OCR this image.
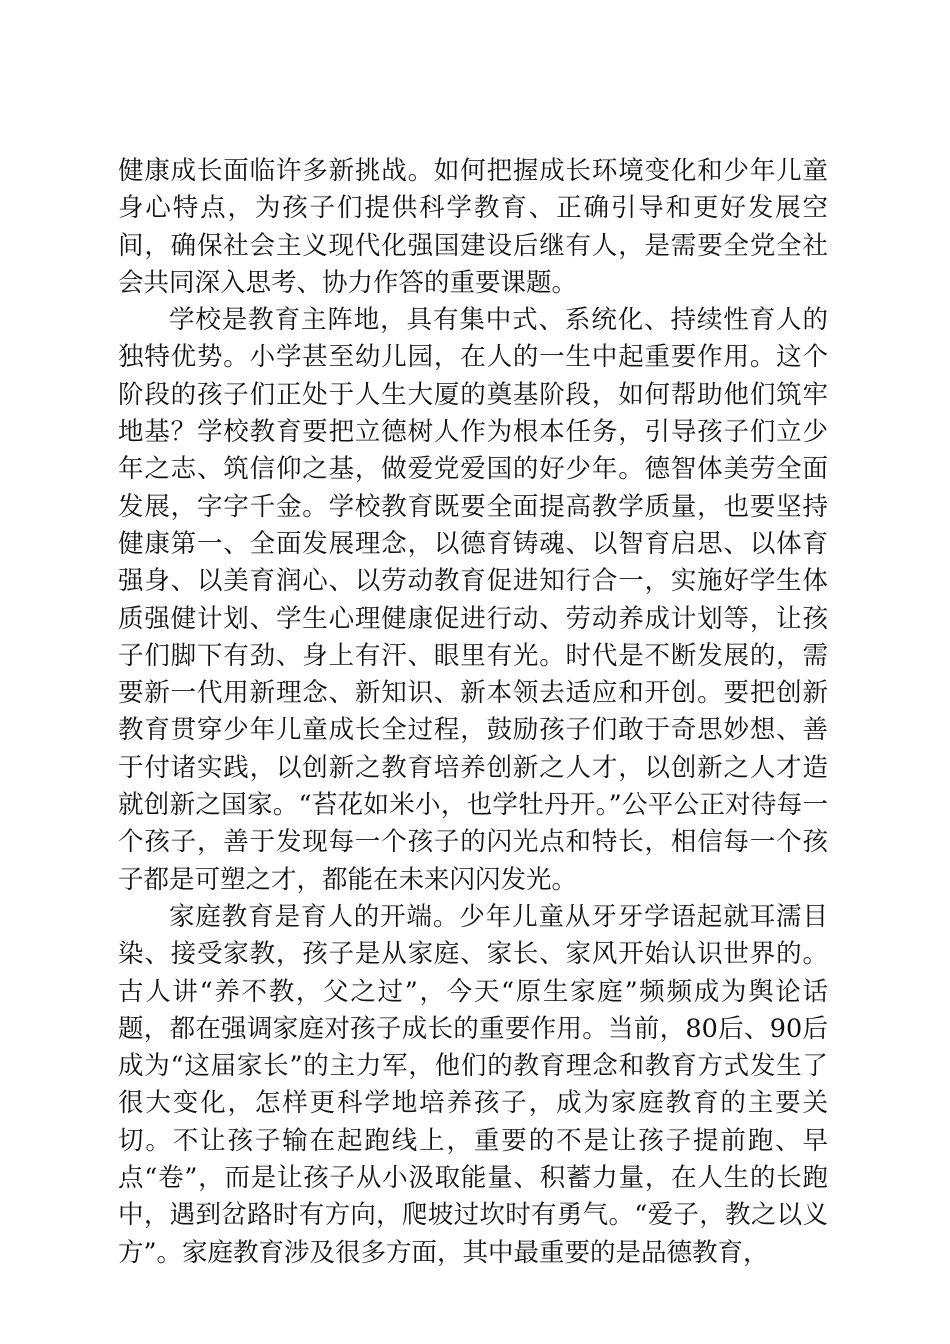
健康成长面临许多新挑战。如何把握成长环境变化和少年儿童身心特点，为孩子们提供科学教育、正确引导和更好发展空间，确保社会主义现代化强国建设后继有人，是需要全党全社会共同深入思考、协力作答的重要课题。

学校是教育主阵地，具有集中式、系统化、持续性育人的独特优势。小学甚至幼儿园，在人的一生中起重要作用。这个阶段的孩子们正处于人生大厦的奠基阶段，如何帮助他们筑牢地基？学校教育要把立德树人作为根本任务，引导孩子们立少年之志、筑信仰之基，做爱党爱国的好少年。德智体美劳全面发展，字字千金。学校教育既要全面提高教学质量，也要坚持健康第一、全面发展理念，以德育铸魂、以智育启思、以体育强身、以美育润心、以劳动教育促进知行合一，实施好学生体质强健计划、学生心理健康促进行动、劳动养成计划等，让孩子们脚下有劲、身上有汗、眼里有光。时代是不断发展的，需要新一代用新理念、新知识、新本领去适应和开创。要把创新教育贯穿少年儿童成长全过程，鼓励孩子们敢于奇思妙想、善于付诸实践，以创新之教育培养创新之人才，以创新之人才造就创新之国家。“苔花如米小，也学牡丹开。”公平公正对待每一个孩子，善于发现每一个孩子的闪光点和特长，相信每一个孩子都是可塑之才，都能在未来闪闪发光。

家庭教育是育人的开端。少年儿童从牙牙学语起就耳濡目染、接受家教，孩子是从家庭、家长、家风开始认识世界的。古人讲“养不教，父之过”，今天“原生家庭”频频成为舆论话题，都在强调家庭对孩子成长的重要作用。当前，80后、90后成为“这届家长”的主力军，他们的教育理念和教育方式发生了很大变化，怎样更科学地培养孩子，成为家庭教育的主要关切。不让孩子输在起跑线上，重要的不是让孩子提前跑、早点“卷”，而是让孩子从小汲取能量、积蓄力量，在人生的长跑中，遇到岔路时有方向，爬坡过坎时有勇气。“爱子，教之以义方”。家庭教育涉及很多方面，其中最重要的是品德教育，
